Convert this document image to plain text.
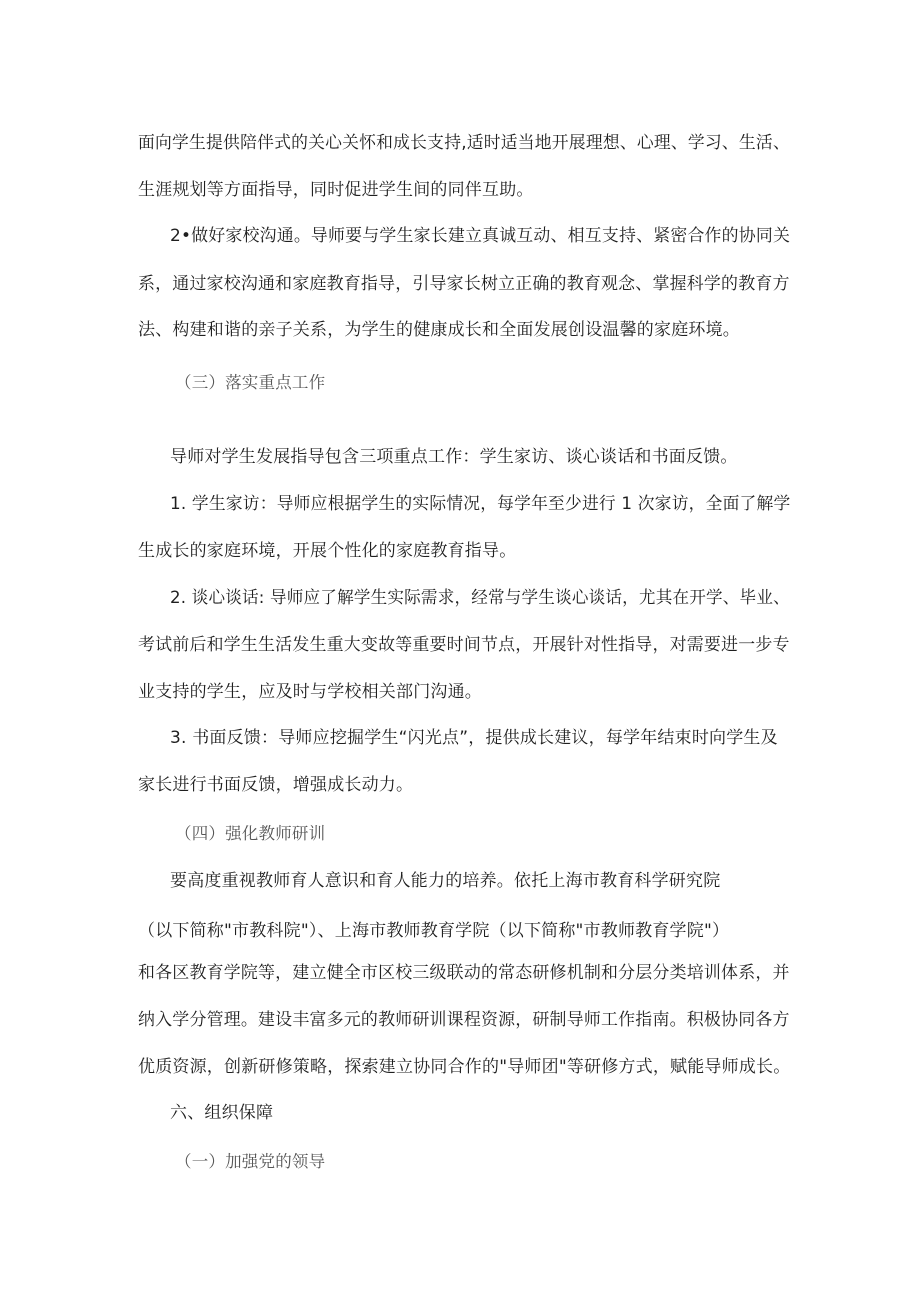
面向学生提供陪伴式的关心关怀和成长支持,适时适当地开展理想、心理、学习、生活、
生涯规划等方面指导，同时促进学生间的同伴互助。
2•做好家校沟通。导师要与学生家长建立真诚互动、相互支持、紧密合作的协同关
系，通过家校沟通和家庭教育指导，引导家长树立正确的教育观念、掌握科学的教育方
法、构建和谐的亲子关系，为学生的健康成长和全面发展创设温馨的家庭环境。
（三）落实重点工作
导师对学生发展指导包含三项重点工作：学生家访、谈心谈话和书面反馈。
1. 学生家访：导师应根据学生的实际情况，每学年至少进行 1 次家访，全面了解学
生成长的家庭环境，开展个性化的家庭教育指导。
2. 谈心谈话: 导师应了解学生实际需求，经常与学生谈心谈话，尤其在开学、毕业、
考试前后和学生生活发生重大变故等重要时间节点，开展针对性指导，对需要进一步专
业支持的学生，应及时与学校相关部门沟通。
3. 书面反馈：导师应挖掘学生“闪光点”，提供成长建议，每学年结束时向学生及
家长进行书面反馈，增强成长动力。
（四）强化教师研训
要高度重视教师育人意识和育人能力的培养。依托上海市教育科学研究院
（以下简称"市教科院"）、上海市教师教育学院（以下简称"市教师教育学院"）
和各区教育学院等，建立健全市区校三级联动的常态研修机制和分层分类培训体系，并
纳入学分管理。建设丰富多元的教师研训课程资源，研制导师工作指南。积极协同各方
优质资源，创新研修策略，探索建立协同合作的"导师团"等研修方式，赋能导师成长。
六、组织保障
（一）加强党的领导
